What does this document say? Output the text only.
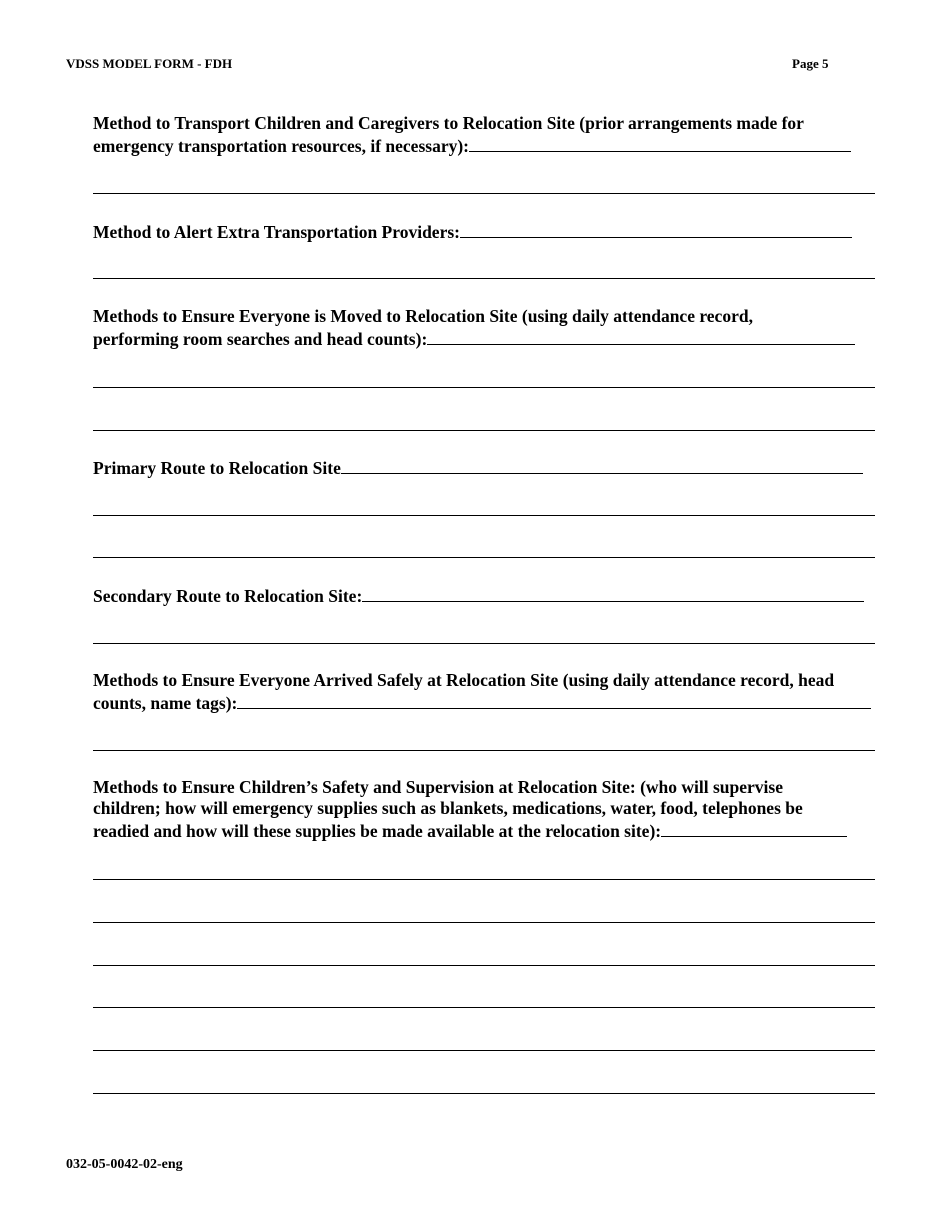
VDSS MODEL FORM - FDH	Page 5
Method to Transport Children and Caregivers to Relocation Site (prior arrangements made for
emergency transportation resources, if necessary):
Method to Alert Extra Transportation Providers:
Methods to Ensure Everyone is Moved to Relocation Site (using daily attendance record,
performing room searches and head counts):
Primary Route to Relocation Site
Secondary Route to Relocation Site:
Methods to Ensure Everyone Arrived Safely at Relocation Site (using daily attendance record, head
counts, name tags):
Methods to Ensure Children’s Safety and Supervision at Relocation Site: (who will supervise
children; how will emergency supplies such as blankets, medications, water, food, telephones be
readied and how will these supplies be made available at the relocation site):
032-05-0042-02-eng
